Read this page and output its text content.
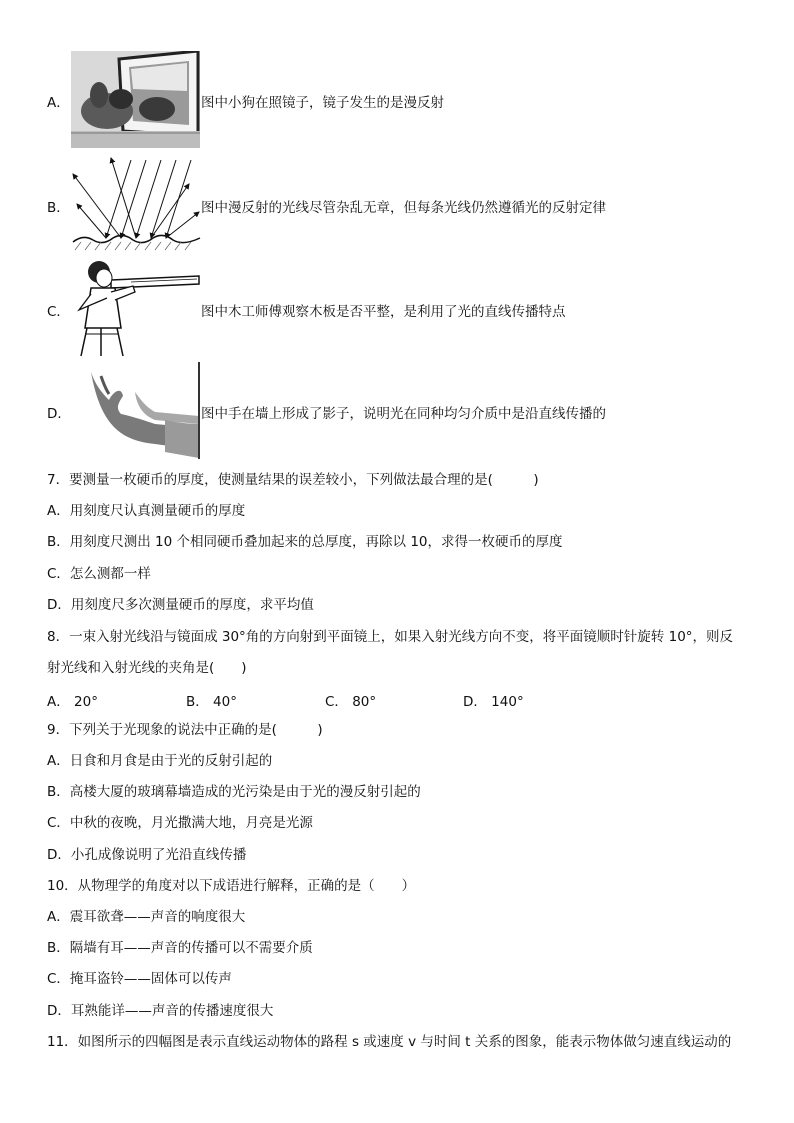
A．	图中小狗在照镜子，镜子发生的是漫反射
B．	图中漫反射的光线尽管杂乱无章，但每条光线仍然遵循光的反射定律
C．	图中木工师傅观察木板是否平整，是利用了光的直线传播特点
D．	图中手在墙上形成了影子，说明光在同种均匀介质中是沿直线传播的
7．要测量一枚硬币的厚度，使测量结果的误差较小，下列做法最合理的是(　　　)
A．用刻度尺认真测量硬币的厚度
B．用刻度尺测出 10 个相同硬币叠加起来的总厚度，再除以 10，求得一枚硬币的厚度
C．怎么测都一样
D．用刻度尺多次测量硬币的厚度，求平均值
8．一束入射光线沿与镜面成 30°角的方向射到平面镜上，如果入射光线方向不变，将平面镜顺时针旋转 10°，则反
射光线和入射光线的夹角是(　　)
A． 20°	B． 40°	C． 80°	D． 140°
9．下列关于光现象的说法中正确的是(　　　)
A．日食和月食是由于光的反射引起的
B．高楼大厦的玻璃幕墙造成的光污染是由于光的漫反射引起的
C．中秋的夜晚，月光撒满大地，月亮是光源
D．小孔成像说明了光沿直线传播
10．从物理学的角度对以下成语进行解释，正确的是（　　）
A．震耳欲聋——声音的响度很大
B．隔墙有耳——声音的传播可以不需要介质
C．掩耳盗铃——固体可以传声
D．耳熟能详——声音的传播速度很大
11．如图所示的四幅图是表示直线运动物体的路程 s 或速度 v 与时间 t 关系的图象，能表示物体做匀速直线运动的
